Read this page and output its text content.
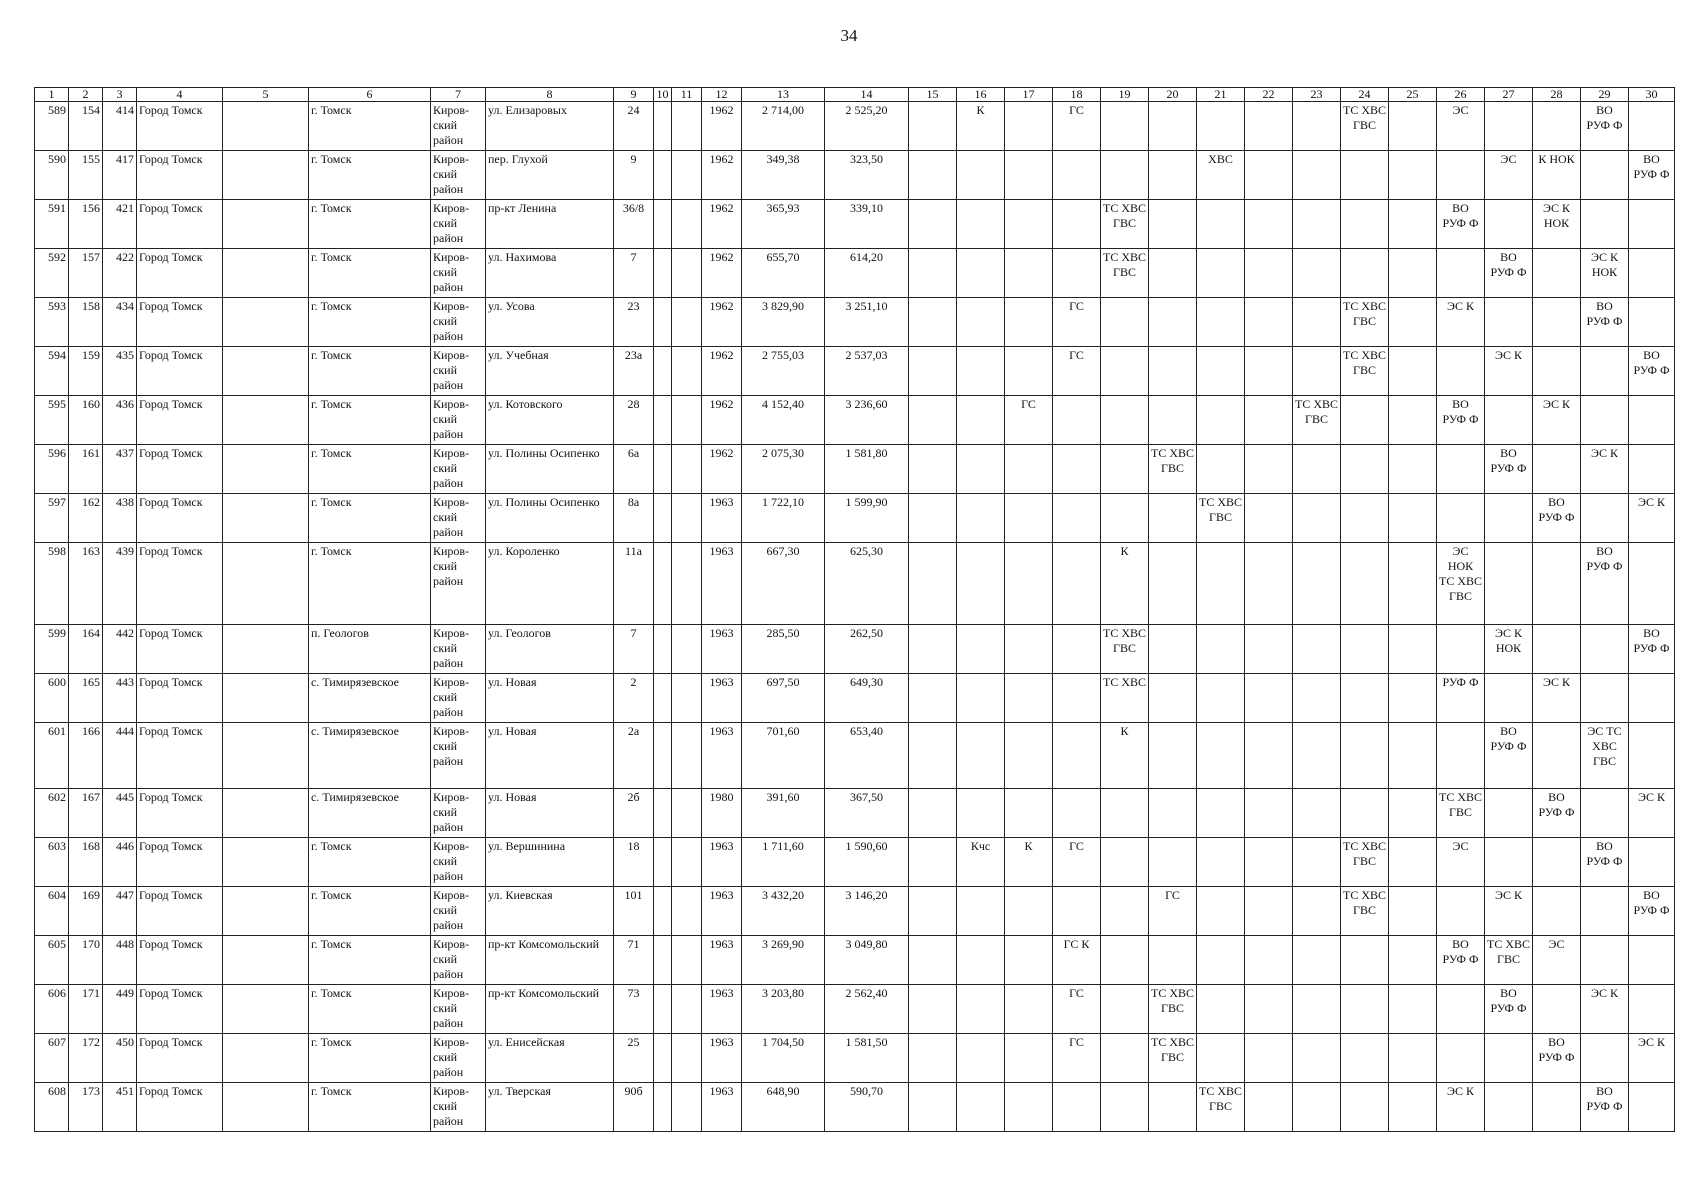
34
1	2	3	4	5	6	7	8	9	10	11	12	13	14	15	16	17	18	19	20	21	22	23	24	25	26	27	28	29	30
589	154	414	Город Томск		г. Томск	Киров-ский район	ул. Елизаровых	24			1962	2 714,00	2 525,20		К		ГС						ТС ХВС ГВС		ЭС			ВО РУФ Ф	
590	155	417	Город Томск		г. Томск	Киров-ский район	пер. Глухой	9			1962	349,38	323,50							ХВС						ЭС	К НОК		ВО РУФ Ф
591	156	421	Город Томск		г. Томск	Киров-ский район	пр-кт Ленина	36/8			1962	365,93	339,10					ТС ХВС ГВС							ВО РУФ Ф		ЭС К НОК		
592	157	422	Город Томск		г. Томск	Киров-ский район	ул. Нахимова	7			1962	655,70	614,20					ТС ХВС ГВС								ВО РУФ Ф		ЭС К НОК	
593	158	434	Город Томск		г. Томск	Киров-ский район	ул. Усова	23			1962	3 829,90	3 251,10				ГС						ТС ХВС ГВС		ЭС К			ВО РУФ Ф	
594	159	435	Город Томск		г. Томск	Киров-ский район	ул. Учебная	23а			1962	2 755,03	2 537,03				ГС						ТС ХВС ГВС			ЭС К			ВО РУФ Ф
595	160	436	Город Томск		г. Томск	Киров-ский район	ул. Котовского	28			1962	4 152,40	3 236,60			ГС						ТС ХВС ГВС			ВО РУФ Ф		ЭС К		
596	161	437	Город Томск		г. Томск	Киров-ский район	ул. Полины Осипенко	6а			1962	2 075,30	1 581,80						ТС ХВС ГВС							ВО РУФ Ф		ЭС К	
597	162	438	Город Томск		г. Томск	Киров-ский район	ул. Полины Осипенко	8а			1963	1 722,10	1 599,90							ТС ХВС ГВС							ВО РУФ Ф		ЭС К
598	163	439	Город Томск		г. Томск	Киров-ский район	ул. Короленко	11а			1963	667,30	625,30					К							ЭС НОК ТС ХВС ГВС			ВО РУФ Ф	
599	164	442	Город Томск		п. Геологов	Киров-ский район	ул. Геологов	7			1963	285,50	262,50					ТС ХВС ГВС								ЭС К НОК			ВО РУФ Ф
600	165	443	Город Томск		с. Тимирязевское	Киров-ский район	ул. Новая	2			1963	697,50	649,30					ТС ХВС							РУФ Ф		ЭС К		
601	166	444	Город Томск		с. Тимирязевское	Киров-ский район	ул. Новая	2а			1963	701,60	653,40					К								ВО РУФ Ф		ЭС ТС ХВС ГВС	
602	167	445	Город Томск		с. Тимирязевское	Киров-ский район	ул. Новая	2б			1980	391,60	367,50												ТС ХВС ГВС		ВО РУФ Ф		ЭС К
603	168	446	Город Томск		г. Томск	Киров-ский район	ул. Вершинина	18			1963	1 711,60	1 590,60		Кчс	К	ГС						ТС ХВС ГВС		ЭС			ВО РУФ Ф	
604	169	447	Город Томск		г. Томск	Киров-ский район	ул. Киевская	101			1963	3 432,20	3 146,20						ГС				ТС ХВС ГВС			ЭС К			ВО РУФ Ф
605	170	448	Город Томск		г. Томск	Киров-ский район	пр-кт Комсомольский	71			1963	3 269,90	3 049,80				ГС К								ВО РУФ Ф	ТС ХВС ГВС	ЭС		
606	171	449	Город Томск		г. Томск	Киров-ский район	пр-кт Комсомольский	73			1963	3 203,80	2 562,40				ГС		ТС ХВС ГВС							ВО РУФ Ф		ЭС К	
607	172	450	Город Томск		г. Томск	Киров-ский район	ул. Енисейская	25			1963	1 704,50	1 581,50				ГС		ТС ХВС ГВС								ВО РУФ Ф		ЭС К
608	173	451	Город Томск		г. Томск	Киров-ский район	ул. Тверская	90б			1963	648,90	590,70							ТС ХВС ГВС					ЭС К			ВО РУФ Ф	
